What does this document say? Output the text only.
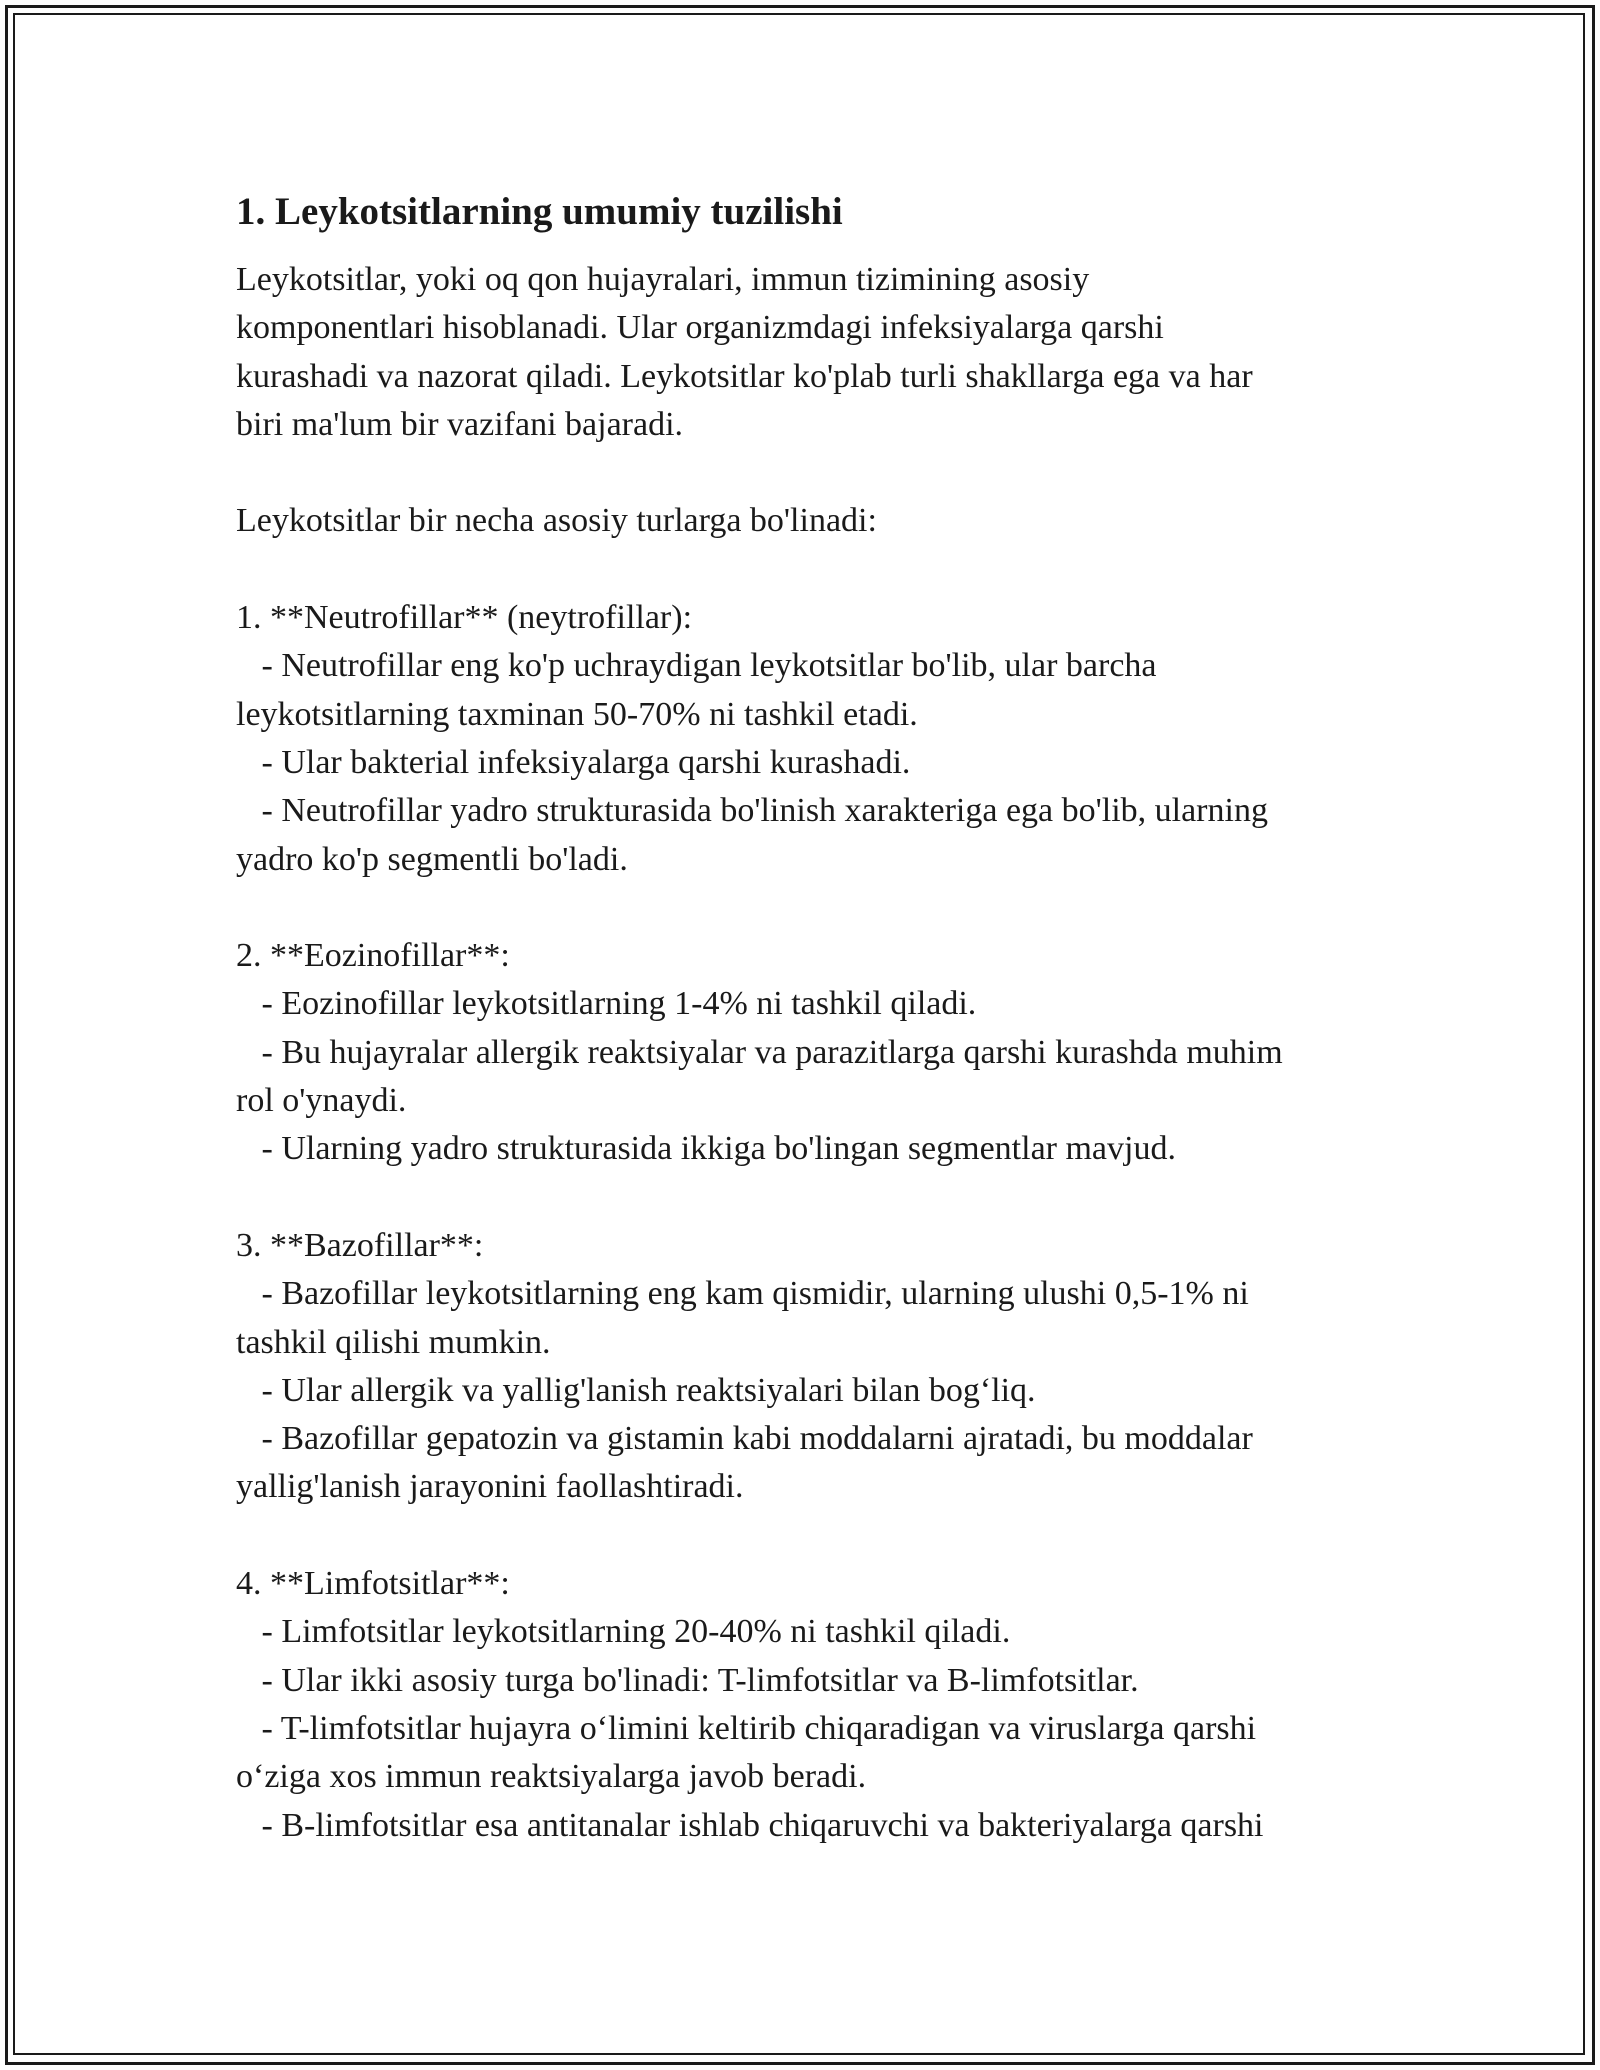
1. Leykotsitlarning umumiy tuzilishi

Leykotsitlar, yoki oq qon hujayralari, immun tizimining asosiy

komponentlari hisoblanadi. Ular organizmdagi infeksiyalarga qarshi

kurashadi va nazorat qiladi. Leykotsitlar ko'plab turli shakllarga ega va har

biri ma'lum bir vazifani bajaradi.

Leykotsitlar bir necha asosiy turlarga bo'linadi:

1. **Neutrofillar** (neytrofillar):

- Neutrofillar eng ko'p uchraydigan leykotsitlar bo'lib, ular barcha

leykotsitlarning taxminan 50-70% ni tashkil etadi.

- Ular bakterial infeksiyalarga qarshi kurashadi.

- Neutrofillar yadro strukturasida bo'linish xarakteriga ega bo'lib, ularning

yadro ko'p segmentli bo'ladi.

2. **Eozinofillar**:

- Eozinofillar leykotsitlarning 1-4% ni tashkil qiladi.

- Bu hujayralar allergik reaktsiyalar va parazitlarga qarshi kurashda muhim

rol o'ynaydi.

- Ularning yadro strukturasida ikkiga bo'lingan segmentlar mavjud.

3. **Bazofillar**:

- Bazofillar leykotsitlarning eng kam qismidir, ularning ulushi 0,5-1% ni

tashkil qilishi mumkin.

- Ular allergik va yallig'lanish reaktsiyalari bilan bog‘liq.

- Bazofillar gepatozin va gistamin kabi moddalarni ajratadi, bu moddalar

yallig'lanish jarayonini faollashtiradi.

4. **Limfotsitlar**:

- Limfotsitlar leykotsitlarning 20-40% ni tashkil qiladi.

- Ular ikki asosiy turga bo'linadi: T-limfotsitlar va B-limfotsitlar.

- T-limfotsitlar hujayra o‘limini keltirib chiqaradigan va viruslarga qarshi

o‘ziga xos immun reaktsiyalarga javob beradi.

- B-limfotsitlar esa antitanalar ishlab chiqaruvchi va bakteriyalarga qarshi
